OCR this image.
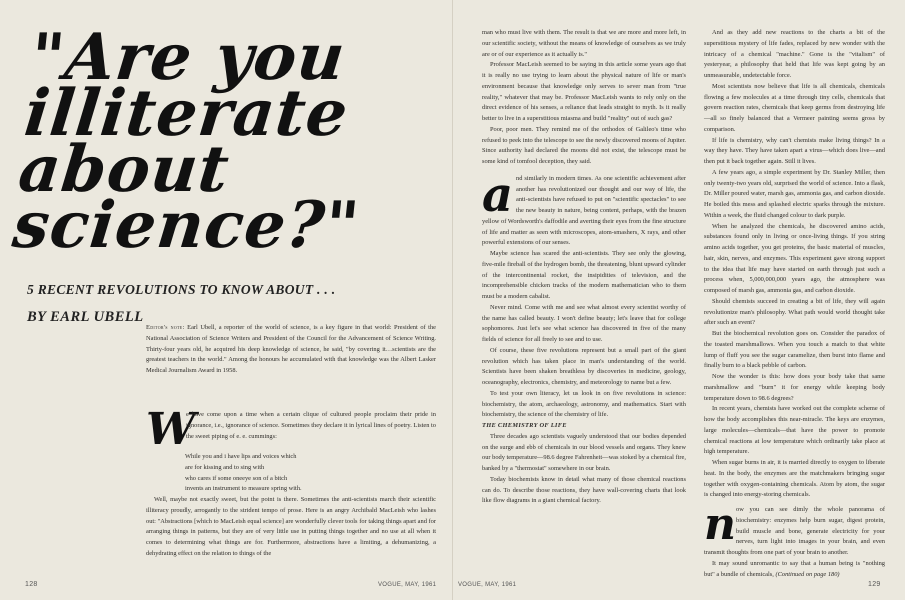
"Are you
illiterate
about
science?"
5 RECENT REVOLUTIONS TO KNOW ABOUT . . .
BY EARL UBELL

Editor's note: Earl Ubell, a reporter of the world of science, is a key figure in that world: President of the National Association of Science Writers and President of the Council for the Advancement of Science Writing. Thirty-four years old, he acquired his deep knowledge of science, he said, "by covering it…scientists are the greatest teachers in the world." Among the honours he accumulated with that knowledge was the Albert Lasker Medical Journalism Award in 1958.

W

e have come upon a time when a certain clique of cultured people proclaim their pride in ignorance, i.e., ignorance of science. Sometimes they declare it in lyrical lines of poetry. Listen to the sweet piping of e. e. cummings:

While you and i have lips and voices which
are for kissing and to sing with
who cares if some oneeye son of a bitch
invents an instrument to measure spring with.

Well, maybe not exactly sweet, but the point is there. Sometimes the anti-scientists march their scientific illiteracy proudly, arrogantly to the strident tempo of prose. Here is an angry Archibald MacLeish who lashes out: "Abstractions [which to MacLeish equal science] are wonderfully clever tools for taking things apart and for arranging things in patterns, but they are of very little use in putting things together and no use at all when it comes to determining what things are for. Furthermore, abstractions have a limiting, a dehumanizing, a dehydrating effect on the relation to things of the

128	VOGUE, MAY, 1961	VOGUE, MAY, 1961	129

man who must live with them. The result is that we are more and more left, in our scientific society, without the means of knowledge of ourselves as we truly are or of our experience as it actually is."

Professor MacLeish seemed to be saying in this article some years ago that it is really no use trying to learn about the physical nature of life or man's environment because that knowledge only serves to sever man from "true reality," whatever that may be. Professor MacLeish wants to rely only on the direct evidence of his senses, a reliance that leads straight to myth. Is it really better to live in a superstitious miasma and build "reality" out of such gas?

Poor, poor men. They remind me of the orthodox of Galileo's time who refused to peek into the telescope to see the newly discovered moons of Jupiter. Since authority had declared the moons did not exist, the telescope must be some kind of tomfool deception, they said.

a nd similarly in modern times. As one scientific achievement after another has revolutionized our thought and our way of life, the anti-scientists have refused to put on "scientific spectacles" to see the new beauty in nature, being content, perhaps, with the brazen yellow of Wordsworth's daffodile and averting their eyes from the fine structure of life and matter as seen with microscopes, atom-smashers, X rays, and other powerful extensions of our senses.

Maybe science has scared the anti-scientists. They see only the glowing, five-mile fireball of the hydrogen bomb, the threatening, blunt upward cylinder of the intercontinental rocket, the insipidities of television, and the incomprehensible chicken tracks of the modern mathematician who to them must be a modern cabalist.

Never mind. Come with me and see what almost every scientist worthy of the name has called beauty. I won't define beauty; let's leave that for college sophomores. Just let's see what science has discovered in five of the many fields of science for all freely to see and to use.

Of course, these five revolutions represent but a small part of the giant revolution which has taken place in man's understanding of the world. Scientists have been shaken breathless by discoveries in medicine, geology, oceanography, electronics, chemistry, and meteorology to name but a few.

To test your own literacy, let us look in on five revolutions in science: biochemistry, the atom, archaeology, astronomy, and mathematics. Start with biochemistry, the science of the chemistry of life.

THE CHEMISTRY OF LIFE

Three decades ago scientists vaguely understood that our bodies depended on the surge and ebb of chemicals in our blood vessels and organs. They knew our body temperature—98.6 degree Fahrenheit—was stoked by a chemical fire, banked by a "thermostat" somewhere in our brain.

Today biochemists know in detail what many of those chemical reactions can do. To describe those reactions, they have wall-covering charts that look like flow diagrams in a giant chemical factory.

And as they add new reactions to the charts a bit of the superstitious mystery of life fades, replaced by new wonder with the intricacy of a chemical "machine." Gone is the "vitalism" of yesteryear, a philosophy that held that life was kept going by an unmeasurable, undetectable force.

Most scientists now believe that life is all chemicals, chemicals flowing a few molecules at a time through tiny cells, chemicals that govern reaction rates, chemicals that keep germs from destroying life—all so finely balanced that a Vermeer painting seems gross by comparison.

If life is chemistry, why can't chemists make living things? In a way they have. They have taken apart a virus—which does live—and then put it back together again. Still it lives.

A few years ago, a simple experiment by Dr. Stanley Miller, then only twenty-two years old, surprised the world of science. Into a flask, Dr. Miller poured water, marsh gas, ammonia gas, and carbon dioxide. He boiled this mess and splashed electric sparks through the mixture. Within a week, the fluid changed colour to dark purple.

When he analyzed the chemicals, he discovered amino acids, substances found only in living or once-living things. If you string amino acids together, you get proteins, the basic material of muscles, hair, skin, nerves, and enzymes. This experiment gave strong support to the idea that life may have started on earth through just such a process when, 5,000,000,000 years ago, the atmosphere was composed of marsh gas, ammonia gas, and carbon dioxide.

Should chemists succeed in creating a bit of life, they will again revolutionize man's philosophy. What path would world thought take after such an event?

But the biochemical revolution goes on. Consider the paradox of the toasted marshmallows. When you touch a match to that white lump of fluff you see the sugar caramelize, then burst into flame and finally burn to a black pebble of carbon.

Now the wonder is this: how does your body take that same marshmallow and "burn" it for energy while keeping body temperature down to 98.6 degrees?

In recent years, chemists have worked out the complete scheme of how the body accomplishes this near-miracle. The keys are enzymes, large molecules—chemicals—that have the power to promote chemical reactions at low temperature which ordinarily take place at high temperature.

When sugar burns in air, it is married directly to oxygen to liberate heat. In the body, the enzymes are the matchmakers bringing sugar together with oxygen-containing chemicals. Atom by atom, the sugar is changed into energy-storing chemicals.

n ow you can see dimly the whole panorama of biochemistry: enzymes help burn sugar, digest protein, build muscle and bone, generate electricity for your nerves, turn light into images in your brain, and even transmit thoughts from one part of your brain to another.

It may sound unromantic to say that a human being is "nothing but" a bundle of chemicals, (Continued on page 180)
